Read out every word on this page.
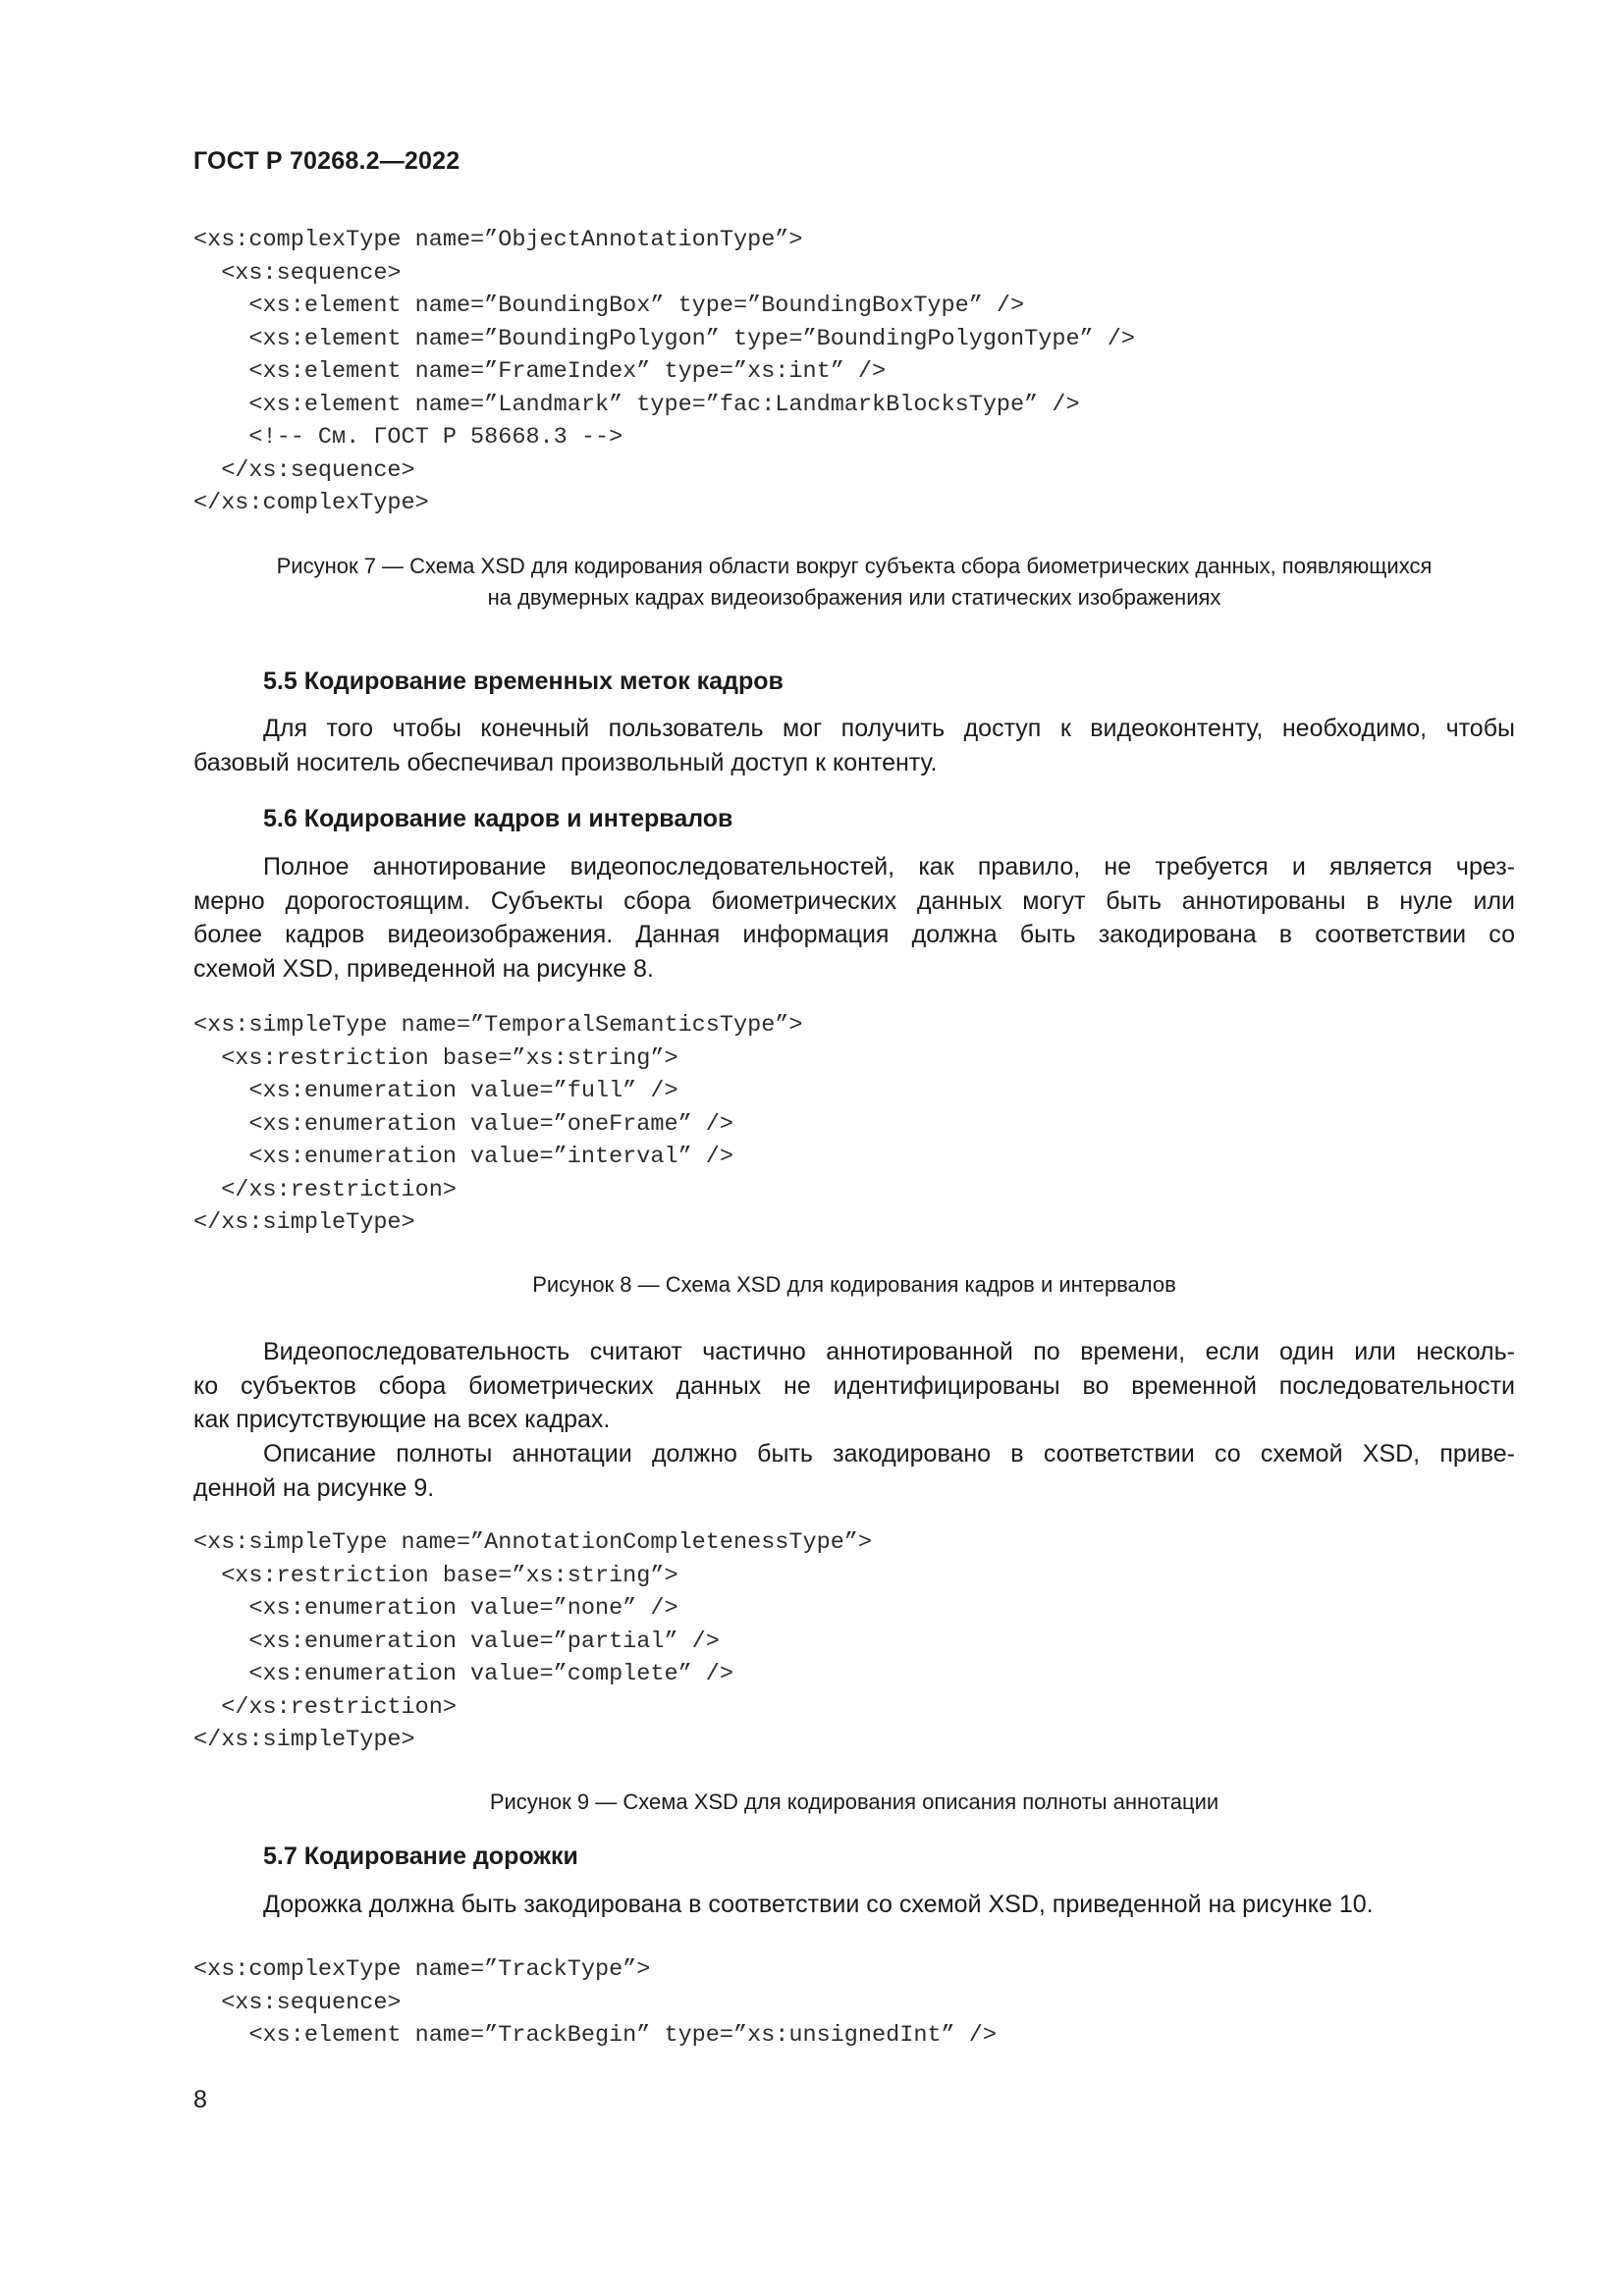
ГОСТ Р 70268.2—2022
<xs:complexType name=”ObjectAnnotationType”>
<xs:sequence>
<xs:element name=”BoundingBox” type=”BoundingBoxType” />
<xs:element name=”BoundingPolygon” type=”BoundingPolygonType” />
<xs:element name=”FrameIndex” type=”xs:int” />
<xs:element name=”Landmark” type=”fac:LandmarkBlocksType” />
<!-- См. ГОСТ Р 58668.3 -->
</xs:sequence>
</xs:complexType>
Рисунок 7 — Схема XSD для кодирования области вокруг субъекта сбора биометрических данных, появляющихся
на двумерных кадрах видеоизображения или статических изображениях
5.5 Кодирование временных меток кадров
Для того чтобы конечный пользователь мог получить доступ к видеоконтенту, необходимо, чтобы
базовый носитель обеспечивал произвольный доступ к контенту.
5.6 Кодирование кадров и интервалов
Полное аннотирование видеопоследовательностей, как правило, не требуется и является чрез-
мерно дорогостоящим. Субъекты сбора биометрических данных могут быть аннотированы в нуле или
более кадров видеоизображения. Данная информация должна быть закодирована в соответствии со
схемой XSD, приведенной на рисунке 8.
<xs:simpleType name=”TemporalSemanticsType”>
<xs:restriction base=”xs:string”>
<xs:enumeration value=”full” />
<xs:enumeration value=”oneFrame” />
<xs:enumeration value=”interval” />
</xs:restriction>
</xs:simpleType>
Рисунок 8 — Схема XSD для кодирования кадров и интервалов
Видеопоследовательность считают частично аннотированной по времени, если один или несколь-
ко субъектов сбора биометрических данных не идентифицированы во временной последовательности
как присутствующие на всех кадрах.
Описание полноты аннотации должно быть закодировано в соответствии со схемой XSD, приве-
денной на рисунке 9.
<xs:simpleType name=”AnnotationCompletenessType”>
<xs:restriction base=”xs:string”>
<xs:enumeration value=”none” />
<xs:enumeration value=”partial” />
<xs:enumeration value=”complete” />
</xs:restriction>
</xs:simpleType>
Рисунок 9 — Схема XSD для кодирования описания полноты аннотации
5.7 Кодирование дорожки
Дорожка должна быть закодирована в соответствии со схемой XSD, приведенной на рисунке 10.
<xs:complexType name=”TrackType”>
<xs:sequence>
<xs:element name=”TrackBegin” type=”xs:unsignedInt” />
8
